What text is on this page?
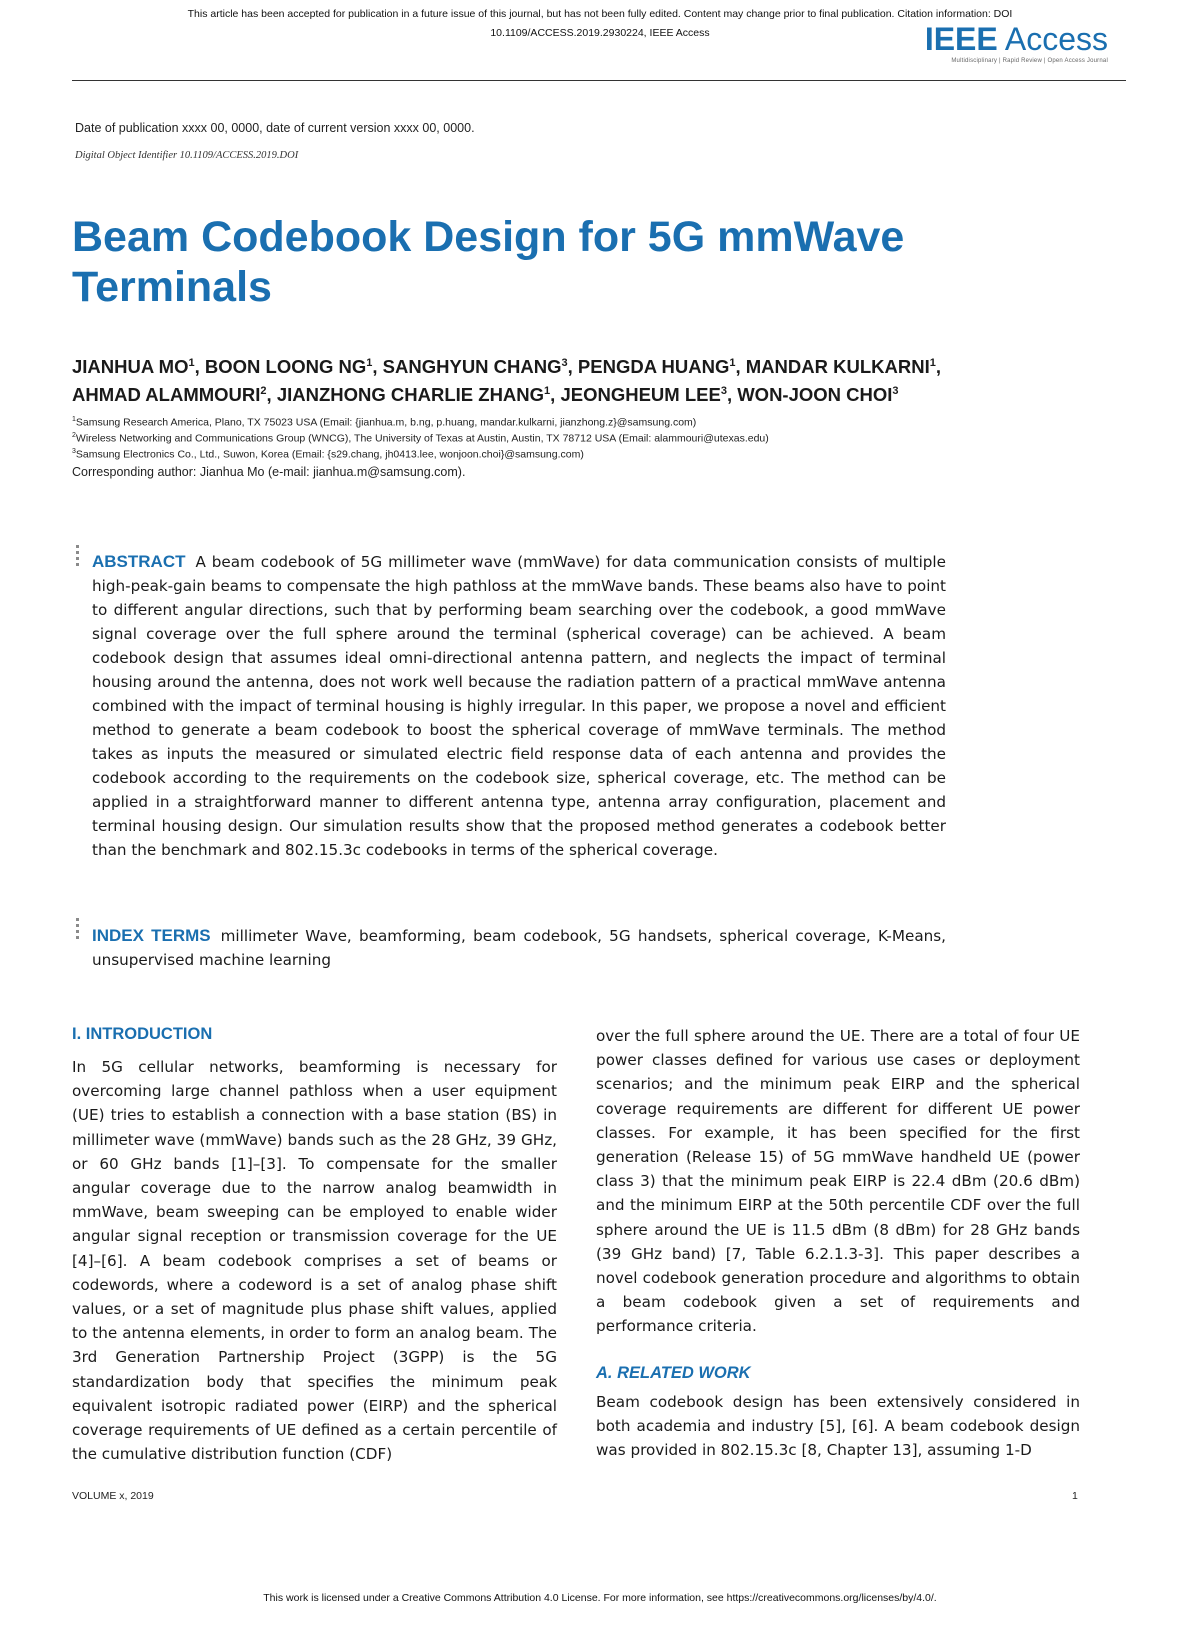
This article has been accepted for publication in a future issue of this journal, but has not been fully edited. Content may change prior to final publication. Citation information: DOI
10.1109/ACCESS.2019.2930224, IEEE Access	IEEE Access
Multidisciplinary | Rapid Review | Open Access Journal
Date of publication xxxx 00, 0000, date of current version xxxx 00, 0000.
Digital Object Identifier 10.1109/ACCESS.2019.DOI
Beam Codebook Design for 5G mmWave
Terminals
JIANHUA $MO^1$, BOON LOONG $NG^1$, SANGHYUN CHANG$^3$, PENGDA HUANG$^1$, MANDAR KULKARNI$^1$, AHMAD ALAMMOURI$^2$, JIANZHONG CHARLIE ZHANG$^1$, JEONGHEUM LEE$^3$, WON-JOON CHOI$^3$
$^1$Samsung Research America, Plano, TX 75023 USA (Email: {jianhua.m, b.ng, p.huang, mandar.kulkarni, jianzhong.z}@samsung.com)
$^2$Wireless Networking and Communications Group (WNCG), The University of Texas at Austin, Austin, TX 78712 USA (Email: alammouri@utexas.edu)
$^3$Samsung Electronics Co., Ltd., Suwon, Korea (Email: {s29.chang, jh0413.lee, wonjoon.choi}@samsung.com)
Corresponding author: Jianhua Mo (e-mail: jianhua.m@samsung.com).
ABSTRACT A beam codebook of 5G millimeter wave (mmWave) for data communication consists of multiple high-peak-gain beams to compensate the high pathloss at the mmWave bands. These beams also have to point to different angular directions, such that by performing beam searching over the codebook, a good mmWave signal coverage over the full sphere around the terminal (spherical coverage) can be achieved. A beam codebook design that assumes ideal omni-directional antenna pattern, and neglects the impact of terminal housing around the antenna, does not work well because the radiation pattern of a practical mmWave antenna combined with the impact of terminal housing is highly irregular. In this paper, we propose a novel and efficient method to generate a beam codebook to boost the spherical coverage of mmWave terminals. The method takes as inputs the measured or simulated electric field response data of each antenna and provides the codebook according to the requirements on the codebook size, spherical coverage, etc. The method can be applied in a straightforward manner to different antenna type, antenna array configuration, placement and terminal housing design. Our simulation results show that the proposed method generates a codebook better than the benchmark and 802.15.3c codebooks in terms of the spherical coverage.
INDEX TERMS millimeter Wave, beamforming, beam codebook, 5G handsets, spherical coverage, K-Means, unsupervised machine learning
I. INTRODUCTION

In 5G cellular networks, beamforming is necessary for overcoming large channel pathloss when a user equipment (UE) tries to establish a connection with a base station (BS) in millimeter wave (mmWave) bands such as the 28 GHz, 39 GHz, or 60 GHz bands [1]–[3]. To compensate for the smaller angular coverage due to the narrow analog beamwidth in mmWave, beam sweeping can be employed to enable wider angular signal reception or transmission coverage for the UE [4]–[6]. A beam codebook comprises a set of beams or codewords, where a codeword is a set of analog phase shift values, or a set of magnitude plus phase shift values, applied to the antenna elements, in order to form an analog beam. The 3rd Generation Partnership Project (3GPP) is the 5G standardization body that specifies the minimum peak equivalent isotropic radiated power (EIRP) and the spherical coverage requirements of UE defined as a certain percentile of the cumulative distribution function (CDF)

over the full sphere around the UE. There are a total of four UE power classes defined for various use cases or deployment scenarios; and the minimum peak EIRP and the spherical coverage requirements are different for different UE power classes. For example, it has been specified for the first generation (Release 15) of 5G mmWave handheld UE (power class 3) that the minimum peak EIRP is 22.4 dBm (20.6 dBm) and the minimum EIRP at the 50th percentile CDF over the full sphere around the UE is 11.5 dBm (8 dBm) for 28 GHz bands (39 GHz band) [7, Table 6.2.1.3-3]. This paper describes a novel codebook generation procedure and algorithms to obtain a beam codebook given a set of requirements and performance criteria.

A. RELATED WORK

Beam codebook design has been extensively considered in both academia and industry [5], [6]. A beam codebook design was provided in 802.15.3c [8, Chapter 13], assuming 1-D

VOLUME x, 2019	1
This work is licensed under a Creative Commons Attribution 4.0 License. For more information, see https://creativecommons.org/licenses/by/4.0/.
